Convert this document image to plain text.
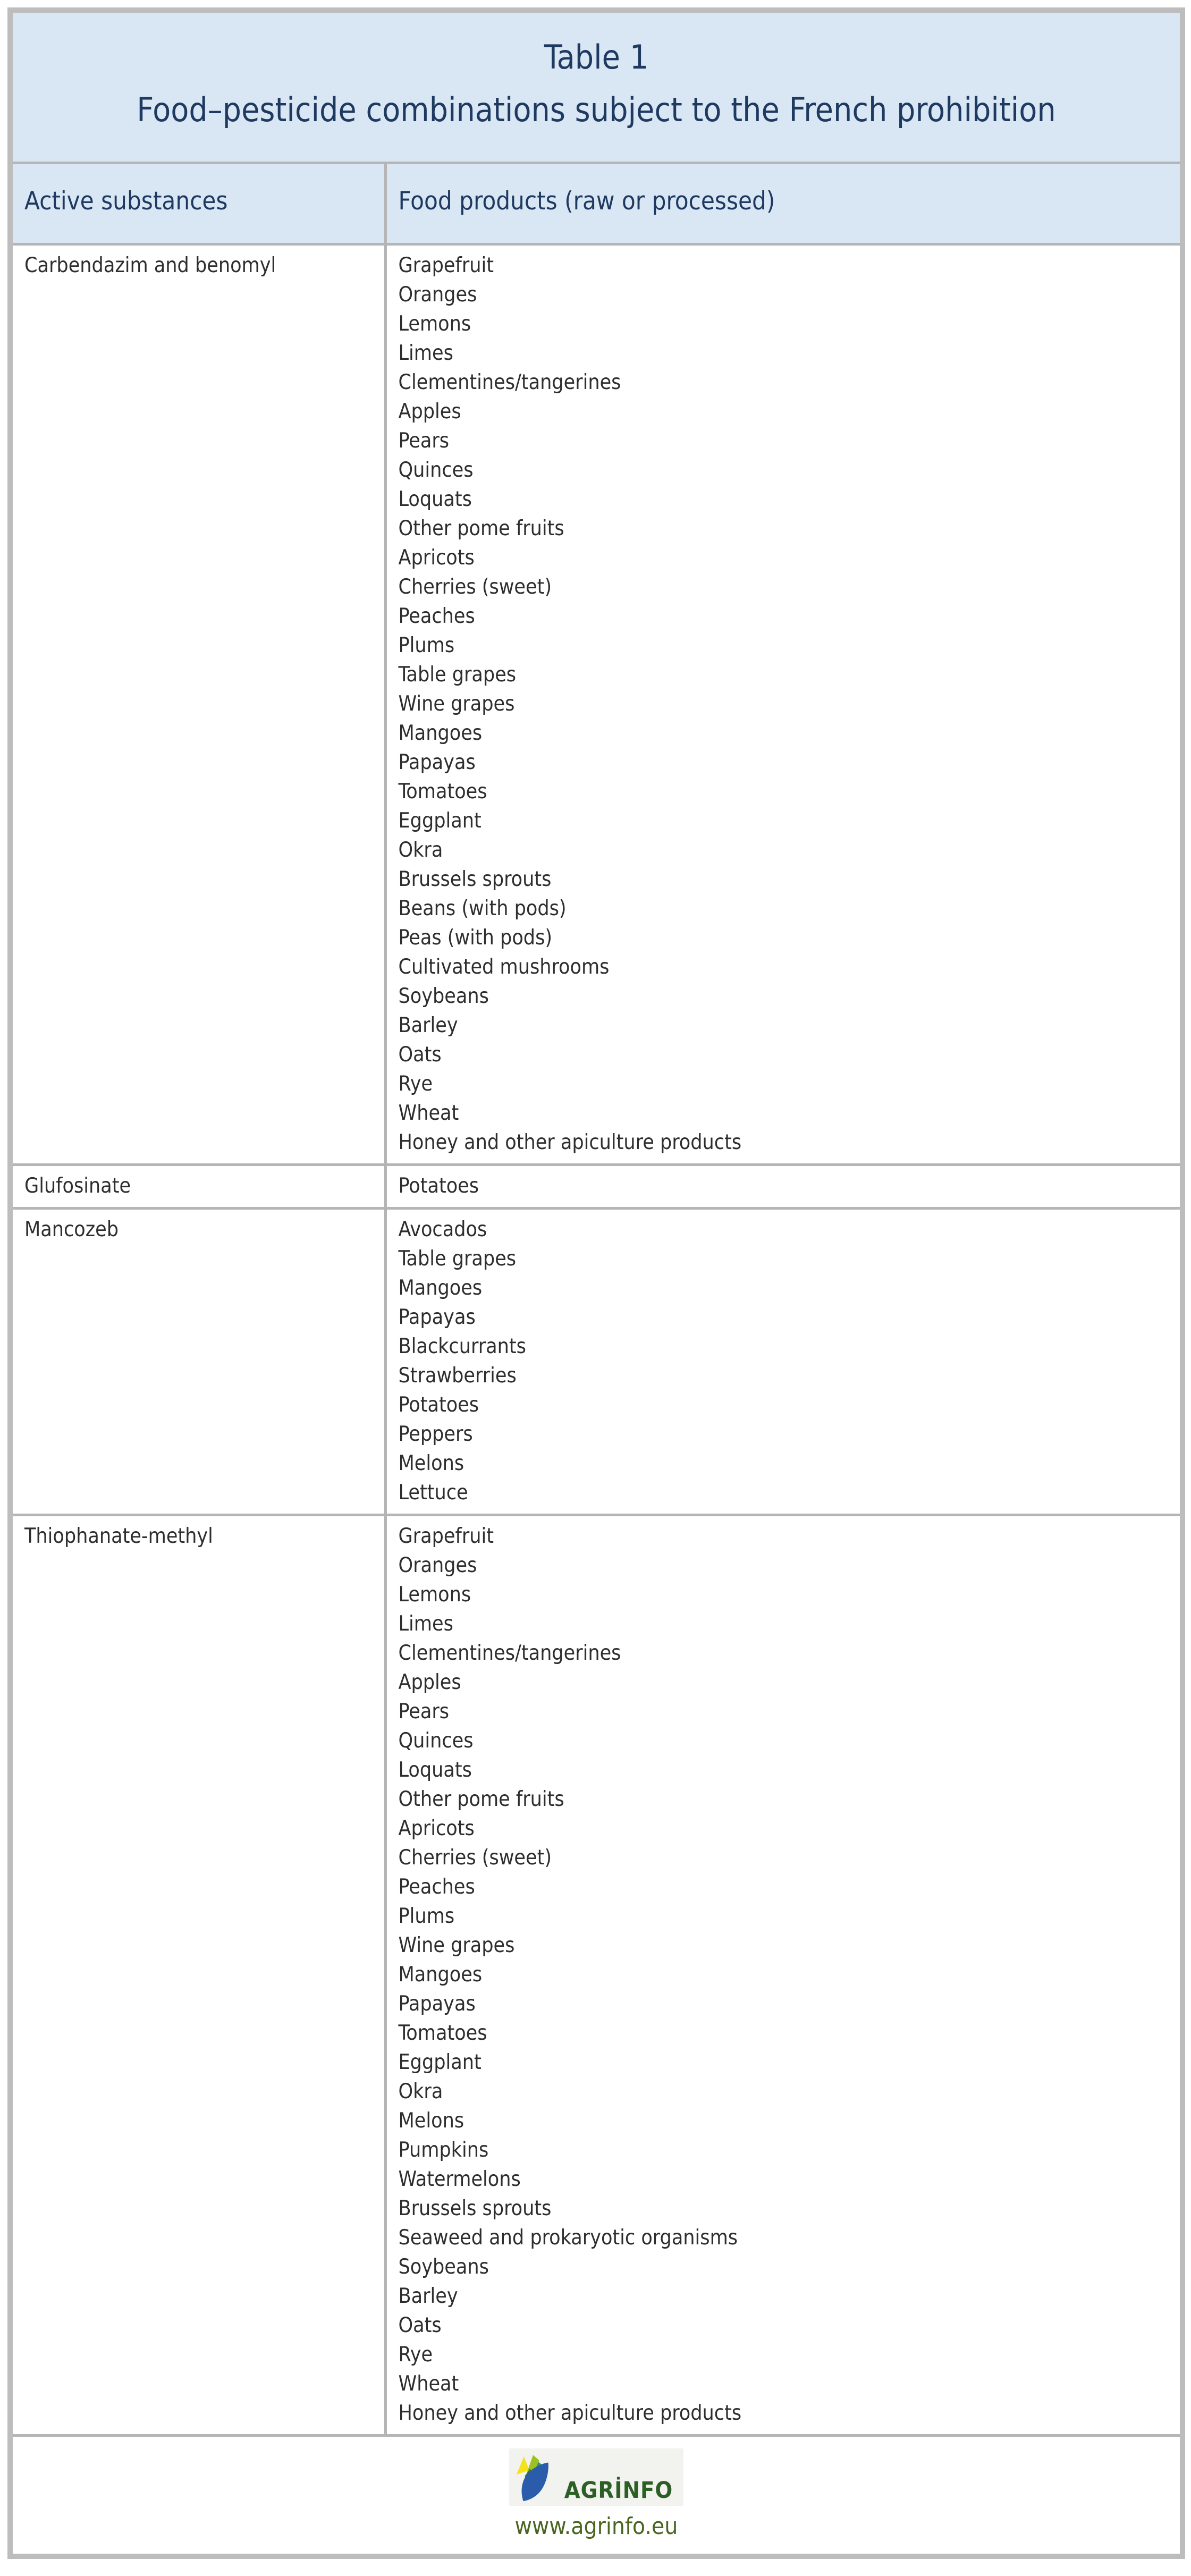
Table 1
Food–pesticide combinations subject to the French prohibition	

Active substances	Food products (raw or processed)

Carbendazim and benomyl	Grapefruit
Oranges
Lemons
Limes
Clementines/tangerines
Apples
Pears
Quinces
Loquats
Other pome fruits
Apricots
Cherries (sweet)
Peaches
Plums
Table grapes
Wine grapes
Mangoes
Papayas
Tomatoes
Eggplant
Okra
Brussels sprouts
Beans (with pods)
Peas (with pods)
Cultivated mushrooms
Soybeans
Barley
Oats
Rye
Wheat
Honey and other apiculture products

Glufosinate	Potatoes

Mancozeb	Avocados
Table grapes
Mangoes
Papayas
Blackcurrants
Strawberries
Potatoes
Peppers
Melons
Lettuce

Thiophanate-methyl	Grapefruit
Oranges
Lemons
Limes
Clementines/tangerines
Apples
Pears
Quinces
Loquats
Other pome fruits
Apricots
Cherries (sweet)
Peaches
Plums
Wine grapes
Mangoes
Papayas
Tomatoes
Eggplant
Okra
Melons
Pumpkins
Watermelons
Brussels sprouts
Seaweed and prokaryotic organisms
Soybeans
Barley
Oats
Rye
Wheat
Honey and other apiculture products

AGRİNFO
www.agrinfo.eu	
